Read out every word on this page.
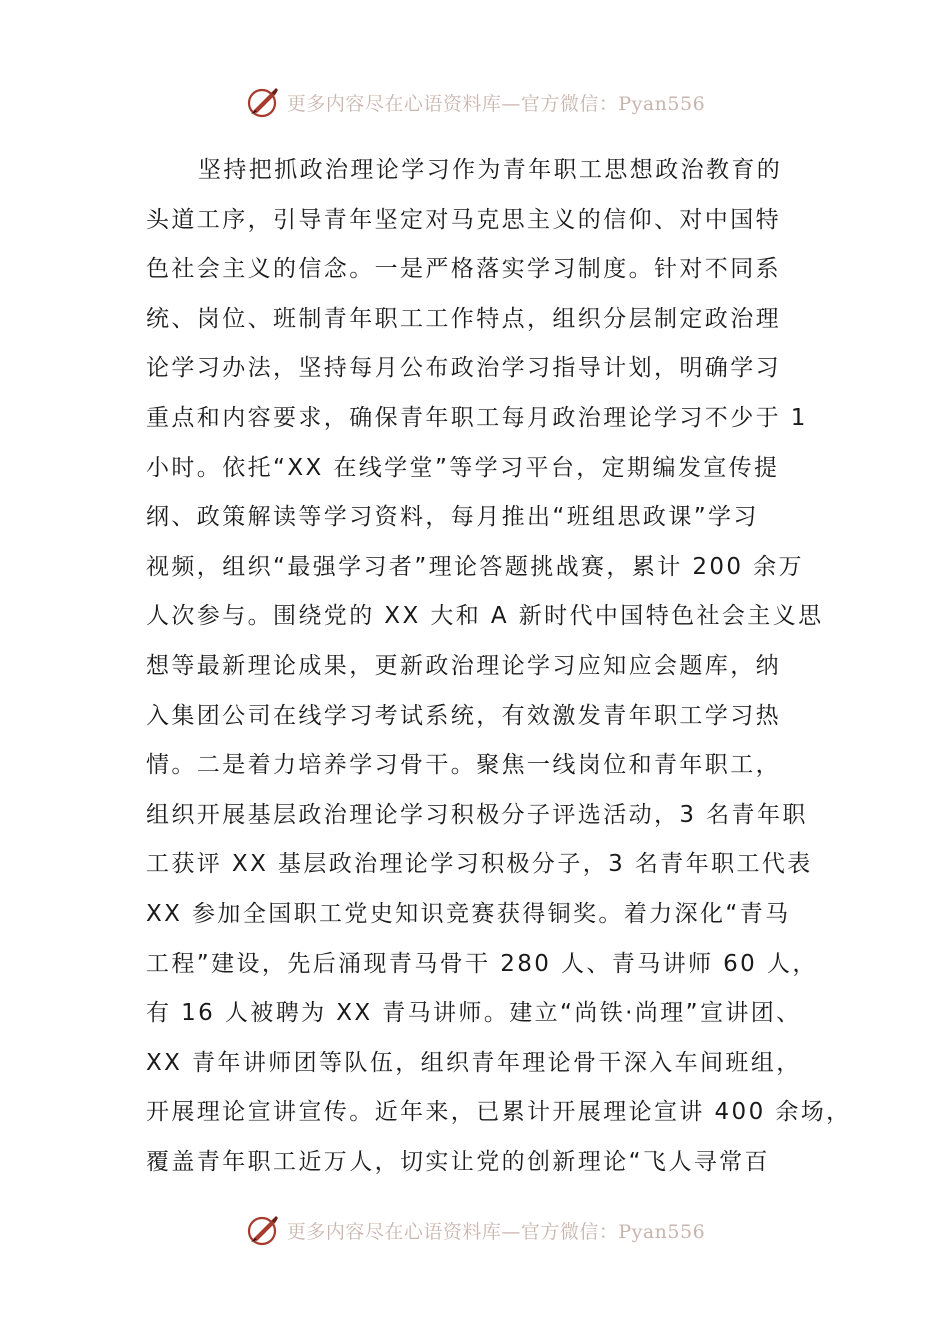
更多内容尽在心语资料库—官方微信：Pyan556
坚持把抓政治理论学习作为青年职工思想政治教育的
头道工序，引导青年坚定对马克思主义的信仰、对中国特
色社会主义的信念。一是严格落实学习制度。针对不同系
统、岗位、班制青年职工工作特点，组织分层制定政治理
论学习办法，坚持每月公布政治学习指导计划，明确学习
重点和内容要求，确保青年职工每月政治理论学习不少于 1
小时。依托“XX 在线学堂”等学习平台，定期编发宣传提
纲、政策解读等学习资料，每月推出“班组思政课”学习
视频，组织“最强学习者”理论答题挑战赛，累计 200 余万
人次参与。围绕党的 XX 大和 A 新时代中国特色社会主义思
想等最新理论成果，更新政治理论学习应知应会题库，纳
入集团公司在线学习考试系统，有效激发青年职工学习热
情。二是着力培养学习骨干。聚焦一线岗位和青年职工，
组织开展基层政治理论学习积极分子评选活动，3 名青年职
工获评 XX 基层政治理论学习积极分子，3 名青年职工代表
XX 参加全国职工党史知识竞赛获得铜奖。着力深化“青马
工程”建设，先后涌现青马骨干 280 人、青马讲师 60 人，
有 16 人被聘为 XX 青马讲师。建立“尚铁·尚理”宣讲团、
XX 青年讲师团等队伍，组织青年理论骨干深入车间班组，
开展理论宣讲宣传。近年来，已累计开展理论宣讲 400 余场，
覆盖青年职工近万人，切实让党的创新理论“飞人寻常百
更多内容尽在心语资料库—官方微信：Pyan556
